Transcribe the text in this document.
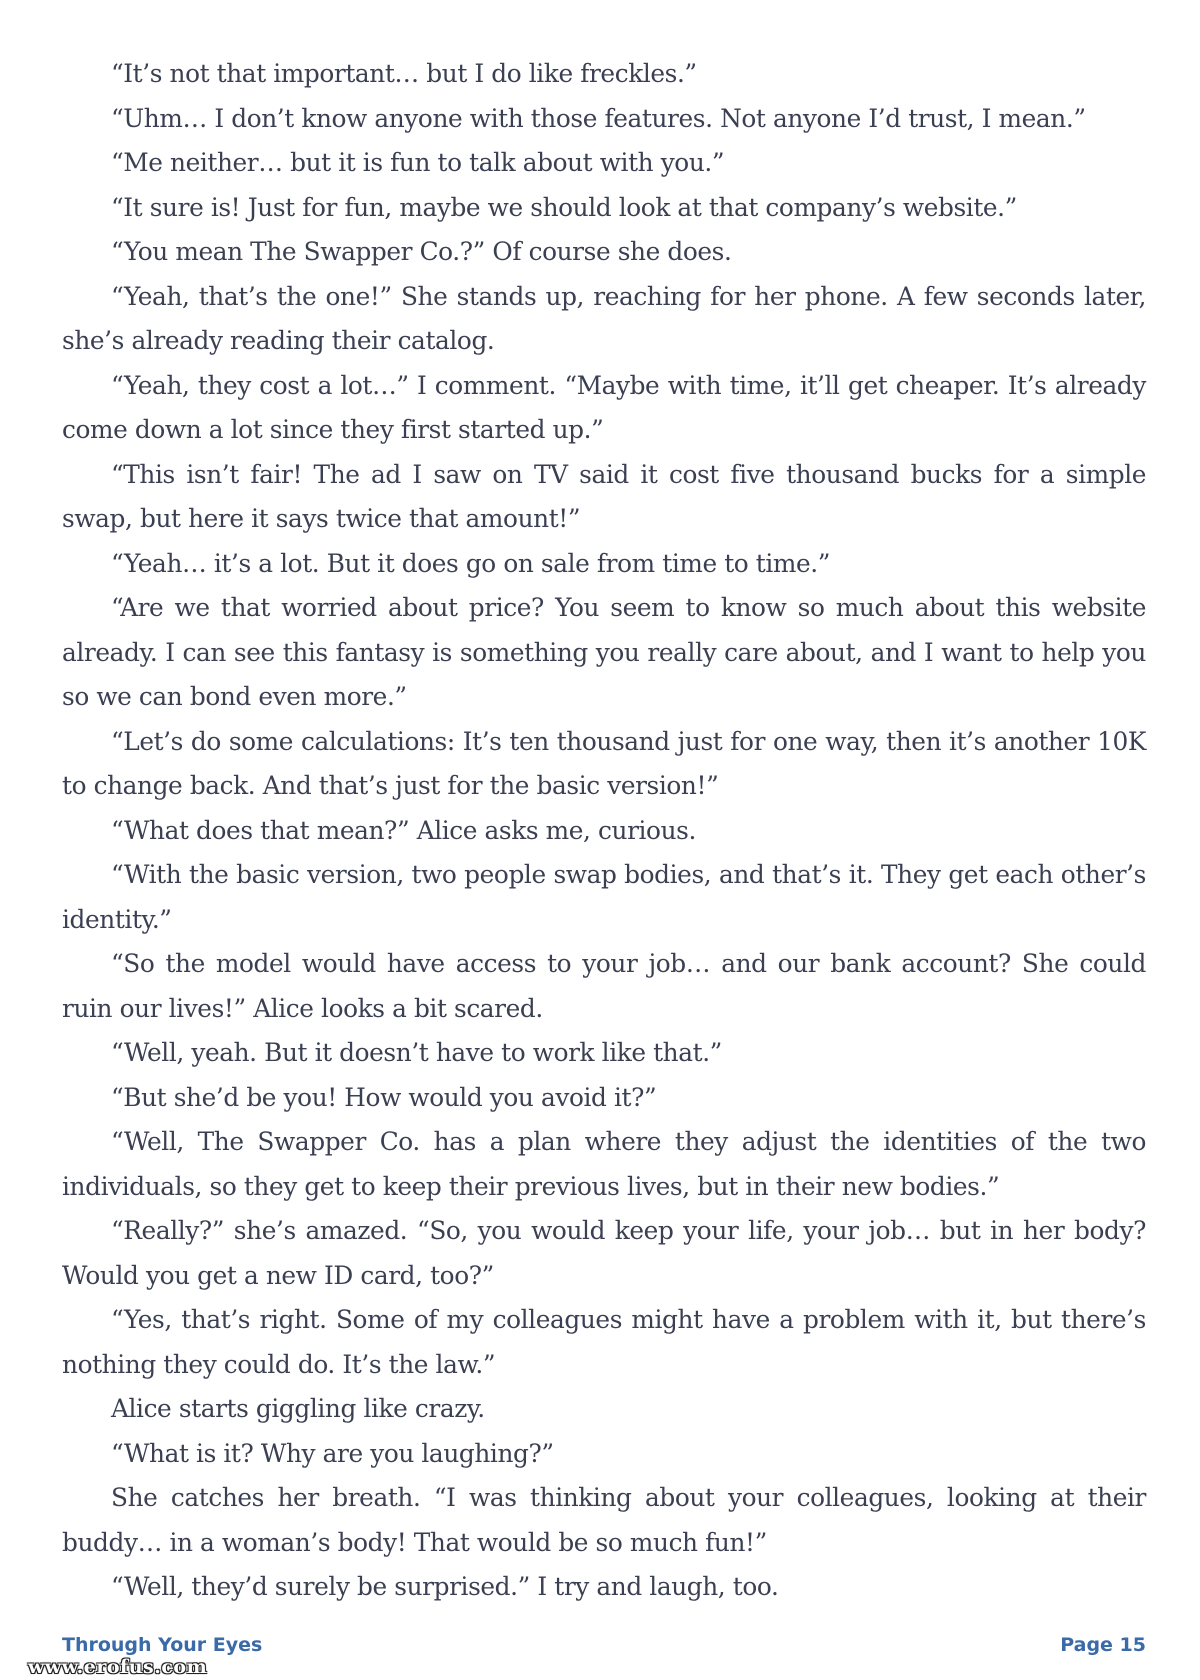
“It’s not that important… but I do like freckles.”

“Uhm… I don’t know anyone with those features. Not anyone I’d trust, I mean.”

“Me neither… but it is fun to talk about with you.”

“It sure is! Just for fun, maybe we should look at that company’s website.”

“You mean The Swapper Co.?” Of course she does.

“Yeah, that’s the one!” She stands up, reaching for her phone. A few seconds later, she’s already reading their catalog.

“Yeah, they cost a lot…” I comment. “Maybe with time, it’ll get cheaper. It’s already come down a lot since they first started up.”

“This isn’t fair! The ad I saw on TV said it cost five thousand bucks for a simple swap, but here it says twice that amount!”

“Yeah… it’s a lot. But it does go on sale from time to time.”

“Are we that worried about price? You seem to know so much about this website already. I can see this fantasy is something you really care about, and I want to help you so we can bond even more.”

“Let’s do some calculations: It’s ten thousand just for one way, then it’s another 10K to change back. And that’s just for the basic version!”

“What does that mean?” Alice asks me, curious.

“With the basic version, two people swap bodies, and that’s it. They get each other’s identity.”

“So the model would have access to your job… and our bank account? She could ruin our lives!” Alice looks a bit scared.

“Well, yeah. But it doesn’t have to work like that.”

“But she’d be you! How would you avoid it?”

“Well, The Swapper Co. has a plan where they adjust the identities of the two individuals, so they get to keep their previous lives, but in their new bodies.”

“Really?” she’s amazed. “So, you would keep your life, your job… but in her body? Would you get a new ID card, too?”

“Yes, that’s right. Some of my colleagues might have a problem with it, but there’s nothing they could do. It’s the law.”

Alice starts giggling like crazy.

“What is it? Why are you laughing?”

She catches her breath. “I was thinking about your colleagues, looking at their buddy… in a woman’s body! That would be so much fun!”

“Well, they’d surely be surprised.” I try and laugh, too.

Through Your Eyes	Page 15
www.erofus.com
